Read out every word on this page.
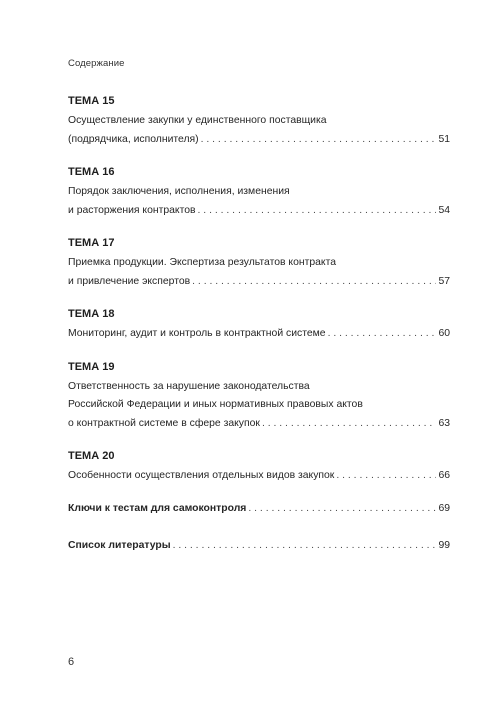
Содержание
ТЕМА 15
Осуществление закупки у единственного поставщика
(подрядчика, исполнителя) . . .	51
ТЕМА 16
Порядок заключения, исполнения, изменения
и расторжения контрактов . . .	54
ТЕМА 17
Приемка продукции. Экспертиза результатов контракта
и привлечение экспертов . . .	57
ТЕМА 18
Мониторинг, аудит и контроль в контрактной системе . . .	60
ТЕМА 19
Ответственность за нарушение законодательства
Российской Федерации и иных нормативных правовых актов
о контрактной системе в сфере закупок . . .	63
ТЕМА 20
Особенности осуществления отдельных видов закупок . . .	66
Ключи к тестам для самоконтроля . . .	69
Список литературы . . .	99
6
